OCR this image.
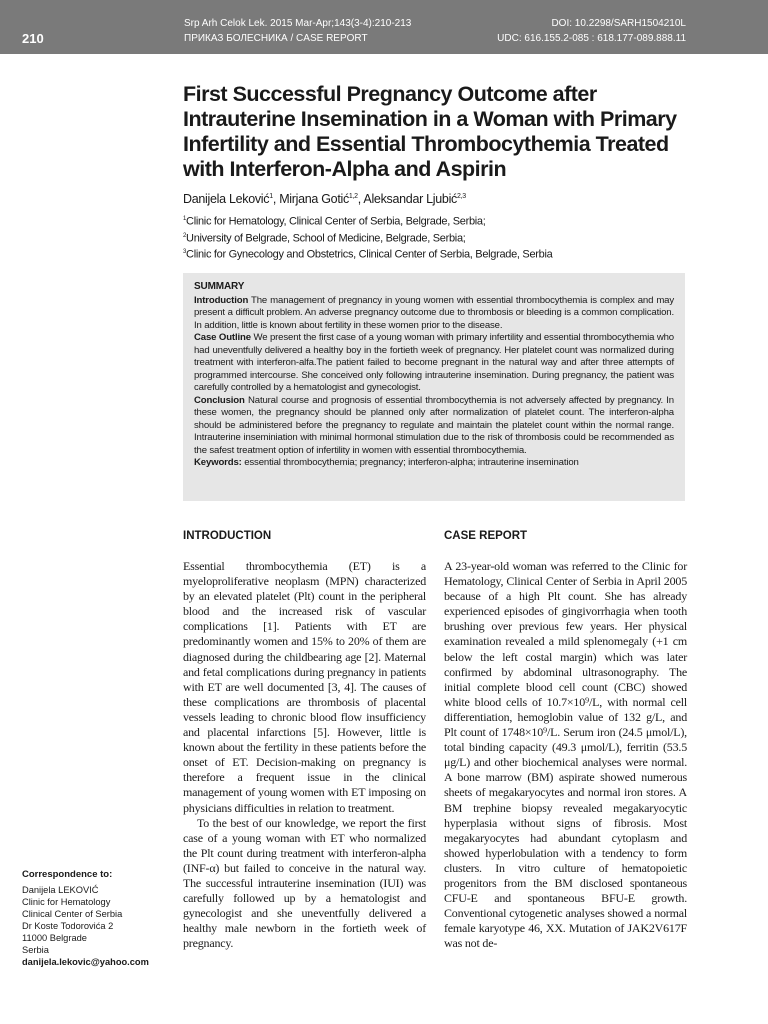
210
Srp Arh Celok Lek. 2015 Mar-Apr;143(3-4):210-213
ПРИКАЗ БОЛЕСНИКА / CASE REPORT
DOI: 10.2298/SARH1504210L
UDC: 616.155.2-085 : 618.177-089.888.11
First Successful Pregnancy Outcome after Intrauterine Insemination in a Woman with Primary Infertility and Essential Thrombocythemia Treated with Interferon-Alpha and Aspirin
Danijela Leković$^1$, Mirjana Gotić$^{1,2}$, Aleksandar Ljubić$^{2,3}$
$^1$Clinic for Hematology, Clinical Center of Serbia, Belgrade, Serbia;
$^2$University of Belgrade, School of Medicine, Belgrade, Serbia;
$^3$Clinic for Gynecology and Obstetrics, Clinical Center of Serbia, Belgrade, Serbia
SUMMARY

Introduction The management of pregnancy in young women with essential thrombocythemia is complex and may present a difficult problem. An adverse pregnancy outcome due to thrombosis or bleeding is a common complication. In addition, little is known about fertility in these women prior to the disease.

Case Outline We present the first case of a young woman with primary infertility and essential thrombocythemia who had uneventfully delivered a healthy boy in the fortieth week of pregnancy. Her platelet count was normalized during treatment with interferon-alfa.The patient failed to become pregnant in the natural way and after three attempts of programmed intercourse. She conceived only following intrauterine insemination. During pregnancy, the patient was carefully controlled by a hematologist and gynecologist.

Conclusion Natural course and prognosis of essential thrombocythemia is not adversely affected by pregnancy. In these women, the pregnancy should be planned only after normalization of platelet count. The interferon-alpha should be administered before the pregnancy to regulate and maintain the platelet count within the normal range. Intrauterine inseminiation with minimal hormonal stimulation due to the risk of thrombosis could be recommended as the safest treatment option of infertility in women with essential thrombocythemia.

Keywords: essential thrombocythemia; pregnancy; interferon-alpha; intrauterine insemination

INTRODUCTION	CASE REPORT

Essential thrombocythemia (ET) is a myeloproliferative neoplasm (MPN) characterized by an elevated platelet (Plt) count in the peripheral blood and the increased risk of vascular complications [1]. Patients with ET are predominantly women and 15% to 20% of them are diagnosed during the childbearing age [2]. Maternal and fetal complications during pregnancy in patients with ET are well documented [3, 4]. The causes of these complications are thrombosis of placental vessels leading to chronic blood flow insufficiency and placental infarctions [5]. However, little is known about the fertility in these patients before the onset of ET. Decision-making on pregnancy is therefore a frequent issue in the clinical management of young women with ET imposing on physicians difficulties in relation to treatment.

To the best of our knowledge, we report the first case of a young woman with ET who normalized the Plt count during treatment with interferon-alpha (INF-α) but failed to conceive in the natural way. The successful intrauterine insemination (IUI) was carefully followed up by a hematologist and gynecologist and she uneventfully delivered a healthy male newborn in the fortieth week of pregnancy.

A 23-year-old woman was referred to the Clinic for Hematology, Clinical Center of Serbia in April 2005 because of a high Plt count. She has already experienced episodes of gingivorrhagia when tooth brushing over previous few years. Her physical examination revealed a mild splenomegaly (+1 cm below the left costal margin) which was later confirmed by abdominal ultrasonography. The initial complete blood cell count (CBC) showed white blood cells of 10.7×10⁹/L, with normal cell differentiation, hemoglobin value of 132 g/L, and Plt count of 1748×10⁹/L. Serum iron (24.5 μmol/L), total binding capacity (49.3 μmol/L), ferritin (53.5 μg/L) and other biochemical analyses were normal. A bone marrow (BM) aspirate showed numerous sheets of megakaryocytes and normal iron stores. A BM trephine biopsy revealed megakaryocytic hyperplasia without signs of fibrosis. Most megakaryocytes had abundant cytoplasm and showed hyperlobulation with a tendency to form clusters. In vitro culture of hematopoietic progenitors from the BM disclosed spontaneous CFU-E and spontaneous BFU-E growth. Conventional cytogenetic analyses showed a normal female karyotype 46, XX. Mutation of JAK2V617F was not de-

Correspondence to:
Danijela LEKOVIĆ
Clinic for Hematology
Clinical Center of Serbia
Dr Koste Todorovića 2
11000 Belgrade
Serbia
danijela.lekovic@yahoo.com
